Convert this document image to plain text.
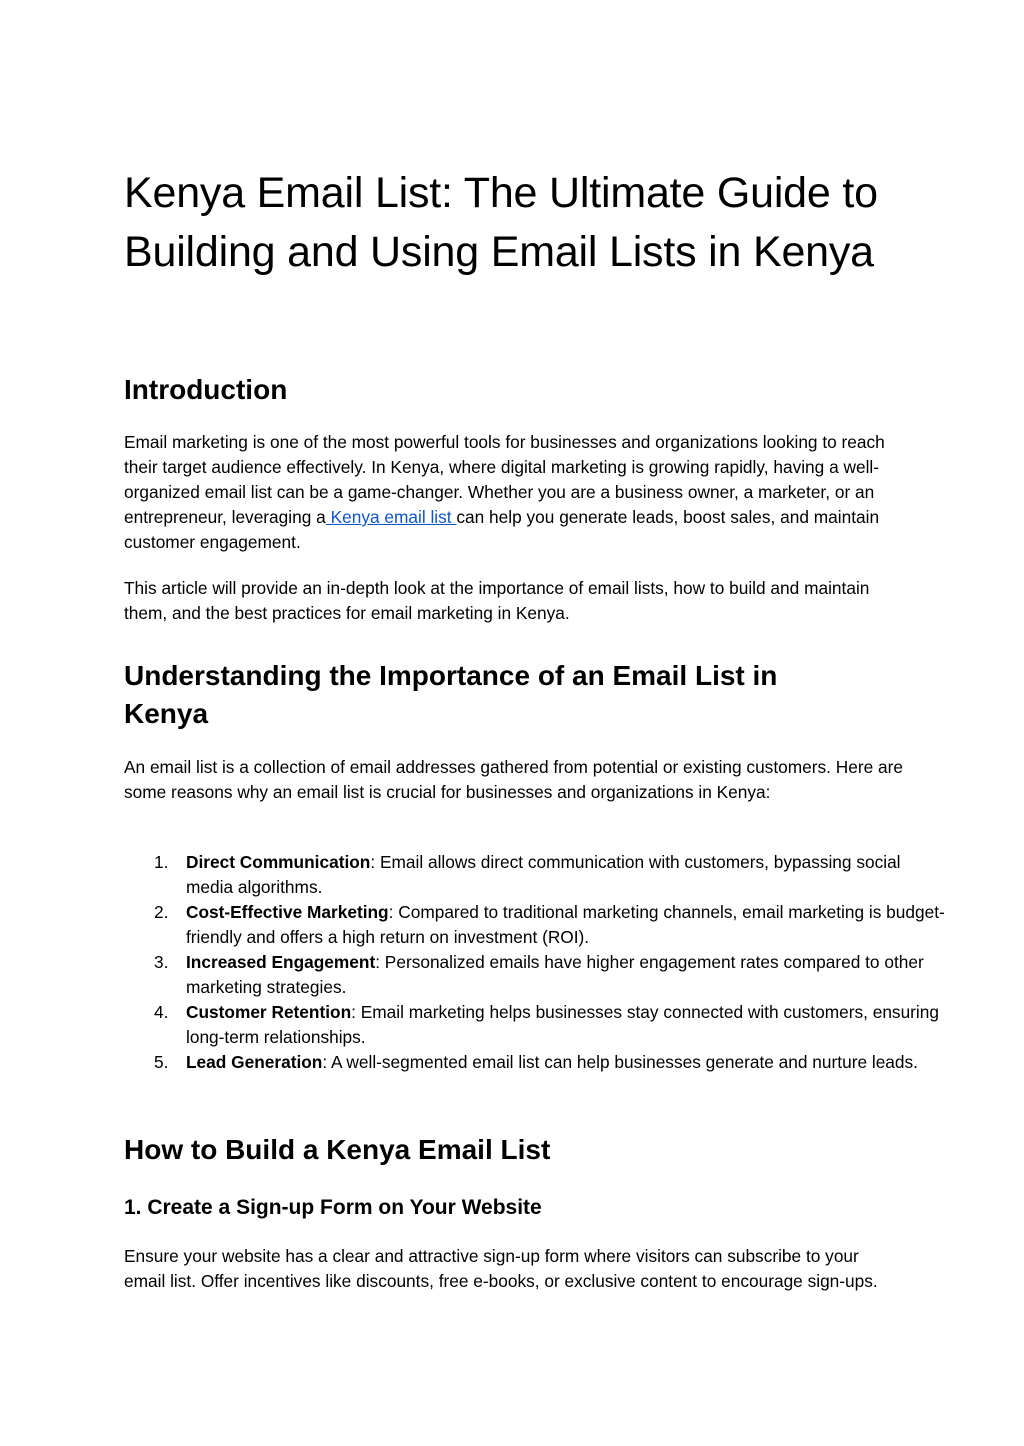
Kenya Email List: The Ultimate Guide to Building and Using Email Lists in Kenya
Introduction

Email marketing is one of the most powerful tools for businesses and organizations looking to reach their target audience effectively. In Kenya, where digital marketing is growing rapidly, having a well-organized email list can be a game-changer. Whether you are a business owner, a marketer, or an entrepreneur, leveraging a Kenya email list can help you generate leads, boost sales, and maintain customer engagement.

This article will provide an in-depth look at the importance of email lists, how to build and maintain them, and the best practices for email marketing in Kenya.

Understanding the Importance of an Email List in Kenya

An email list is a collection of email addresses gathered from potential or existing customers. Here are some reasons why an email list is crucial for businesses and organizations in Kenya:

1. Direct Communication: Email allows direct communication with customers, bypassing social media algorithms.
2. Cost-Effective Marketing: Compared to traditional marketing channels, email marketing is budget-friendly and offers a high return on investment (ROI).
3. Increased Engagement: Personalized emails have higher engagement rates compared to other marketing strategies.
4. Customer Retention: Email marketing helps businesses stay connected with customers, ensuring long-term relationships.
5. Lead Generation: A well-segmented email list can help businesses generate and nurture leads.
How to Build a Kenya Email List
1. Create a Sign-up Form on Your Website

Ensure your website has a clear and attractive sign-up form where visitors can subscribe to your email list. Offer incentives like discounts, free e-books, or exclusive content to encourage sign-ups.
